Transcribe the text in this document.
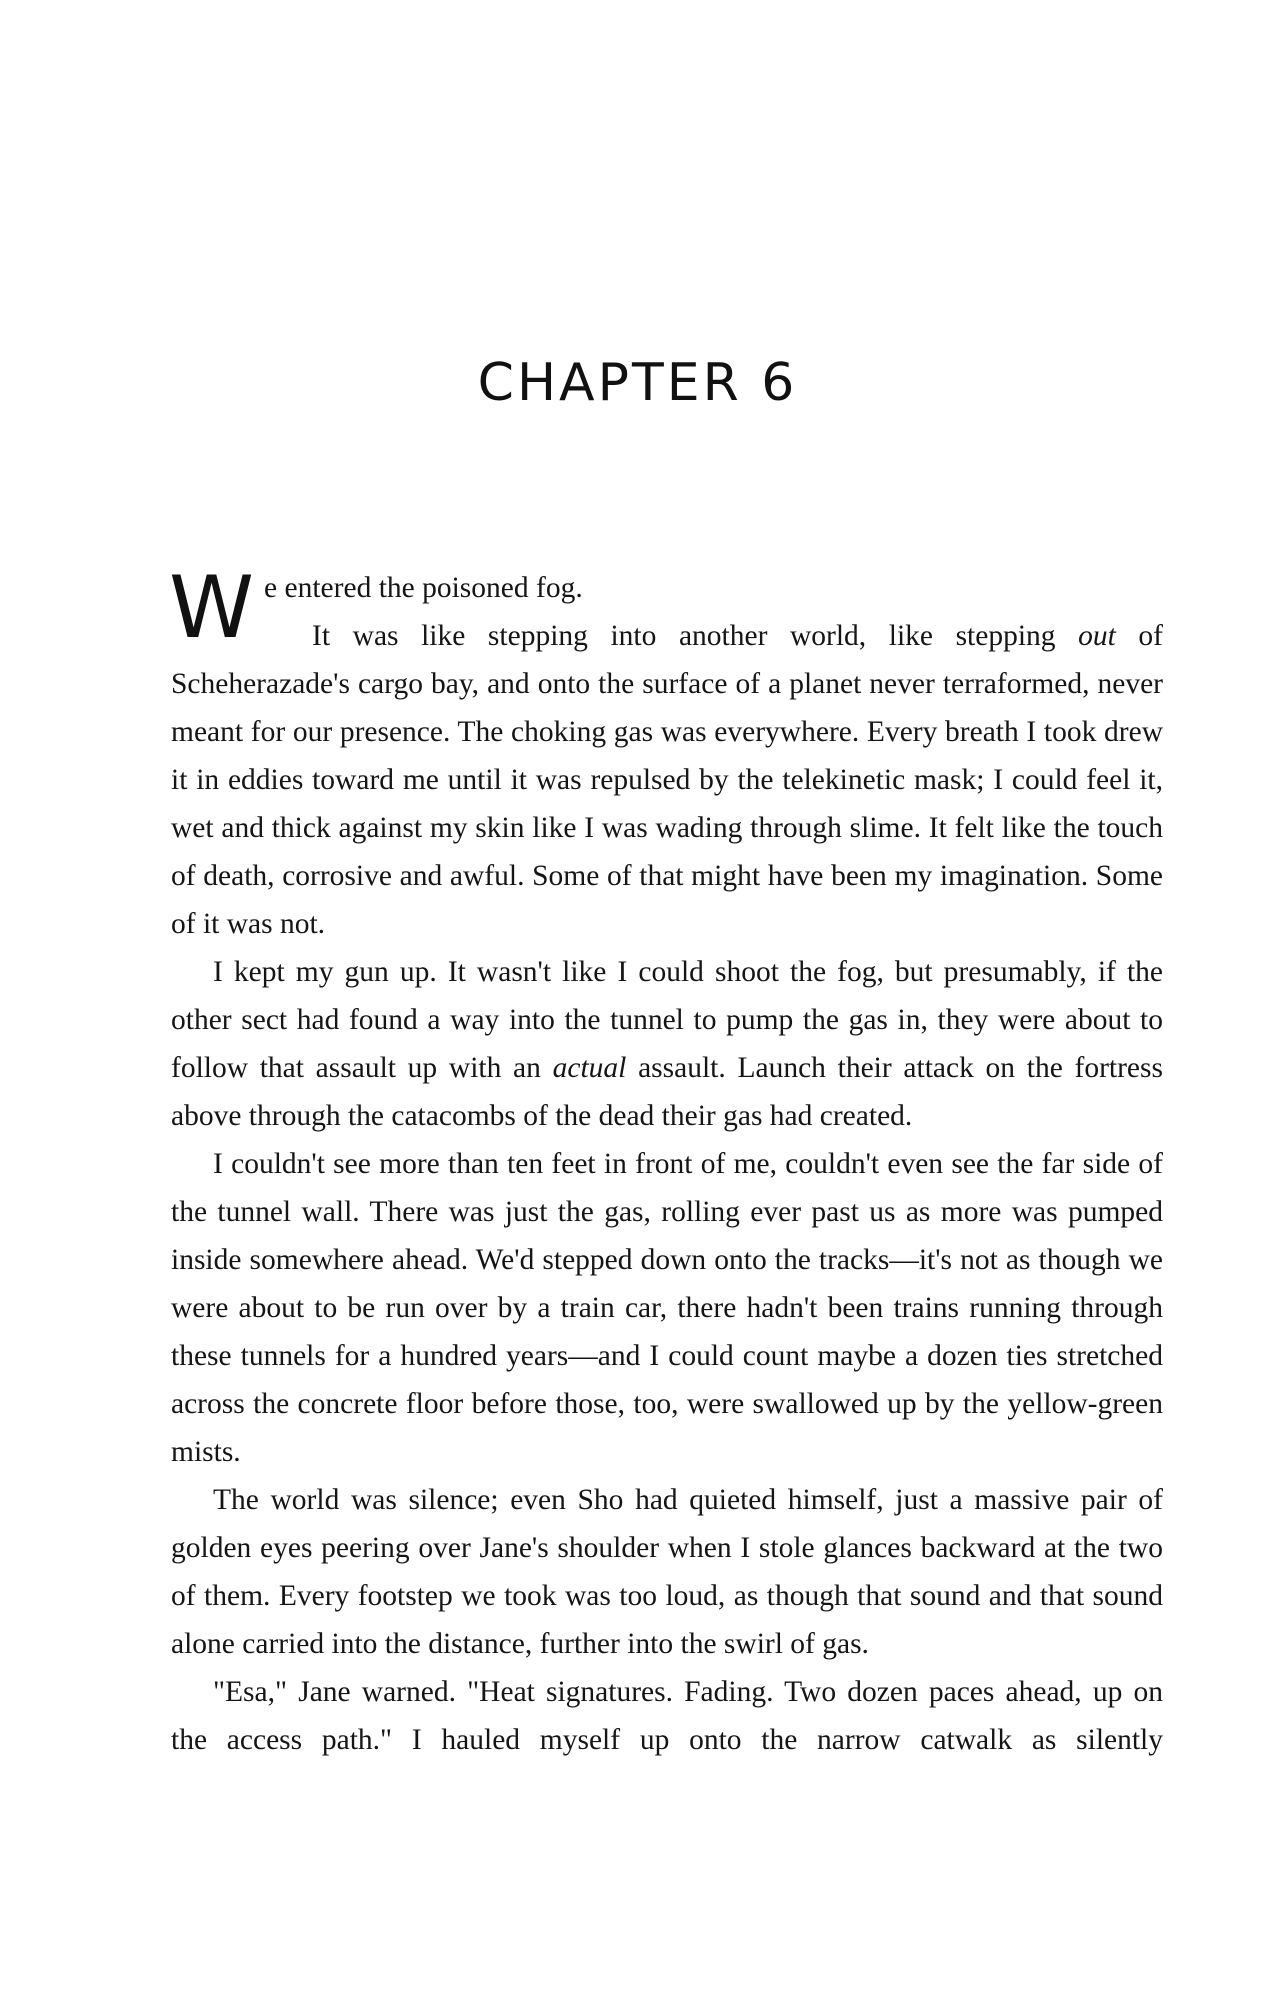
CHAPTER 6

W e entered the poisoned fog.
It was like stepping into another world, like stepping out of Scheherazade's cargo bay, and onto the surface of a planet never terraformed, never meant for our presence. The choking gas was everywhere. Every breath I took drew it in eddies toward me until it was repulsed by the telekinetic mask; I could feel it, wet and thick against my skin like I was wading through slime. It felt like the touch of death, corrosive and awful. Some of that might have been my imagination. Some of it was not.

I kept my gun up. It wasn't like I could shoot the fog, but presumably, if the other sect had found a way into the tunnel to pump the gas in, they were about to follow that assault up with an actual assault. Launch their attack on the fortress above through the catacombs of the dead their gas had created.

I couldn't see more than ten feet in front of me, couldn't even see the far side of the tunnel wall. There was just the gas, rolling ever past us as more was pumped inside somewhere ahead. We'd stepped down onto the tracks—it's not as though we were about to be run over by a train car, there hadn't been trains running through these tunnels for a hundred years—and I could count maybe a dozen ties stretched across the concrete floor before those, too, were swallowed up by the yellow-green mists.

The world was silence; even Sho had quieted himself, just a massive pair of golden eyes peering over Jane's shoulder when I stole glances backward at the two of them. Every footstep we took was too loud, as though that sound and that sound alone carried into the distance, further into the swirl of gas.

"Esa," Jane warned. "Heat signatures. Fading. Two dozen paces ahead, up on the access path." I hauled myself up onto the narrow catwalk as silently
